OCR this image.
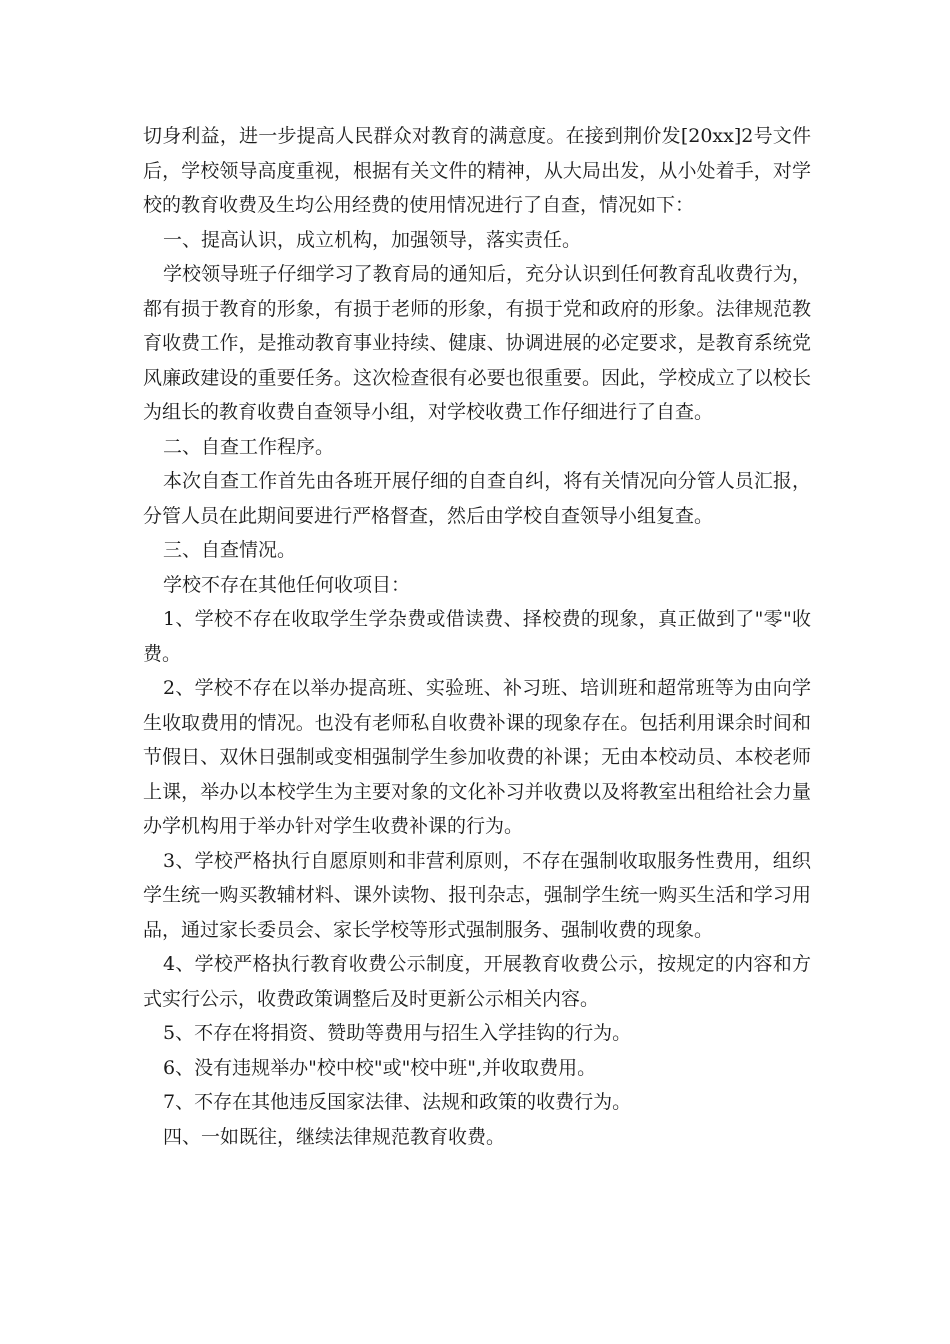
切身利益，进一步提高人民群众对教育的满意度。在接到荆价发[20xx]2号文件后，学校领导高度重视，根据有关文件的精神，从大局出发，从小处着手，对学校的教育收费及生均公用经费的使用情况进行了自查，情况如下：

一、提高认识，成立机构，加强领导，落实责任。

学校领导班子仔细学习了教育局的通知后，充分认识到任何教育乱收费行为，都有损于教育的形象，有损于老师的形象，有损于党和政府的形象。法律规范教育收费工作，是推动教育事业持续、健康、协调进展的必定要求，是教育系统党风廉政建设的重要任务。这次检查很有必要也很重要。因此，学校成立了以校长为组长的教育收费自查领导小组，对学校收费工作仔细进行了自查。

二、自查工作程序。

本次自查工作首先由各班开展仔细的自查自纠，将有关情况向分管人员汇报，分管人员在此期间要进行严格督查，然后由学校自查领导小组复查。

三、自查情况。

学校不存在其他任何收项目：

1、学校不存在收取学生学杂费或借读费、择校费的现象，真正做到了"零"收费。

2、学校不存在以举办提高班、实验班、补习班、培训班和超常班等为由向学生收取费用的情况。也没有老师私自收费补课的现象存在。包括利用课余时间和节假日、双休日强制或变相强制学生参加收费的补课；无由本校动员、本校老师上课，举办以本校学生为主要对象的文化补习并收费以及将教室出租给社会力量办学机构用于举办针对学生收费补课的行为。

3、学校严格执行自愿原则和非营利原则，不存在强制收取服务性费用，组织学生统一购买教辅材料、课外读物、报刊杂志，强制学生统一购买生活和学习用品，通过家长委员会、家长学校等形式强制服务、强制收费的现象。

4、学校严格执行教育收费公示制度，开展教育收费公示，按规定的内容和方式实行公示，收费政策调整后及时更新公示相关内容。

5、不存在将捐资、赞助等费用与招生入学挂钩的行为。

6、没有违规举办"校中校"或"校中班",并收取费用。

7、不存在其他违反国家法律、法规和政策的收费行为。

四、一如既往，继续法律规范教育收费。
